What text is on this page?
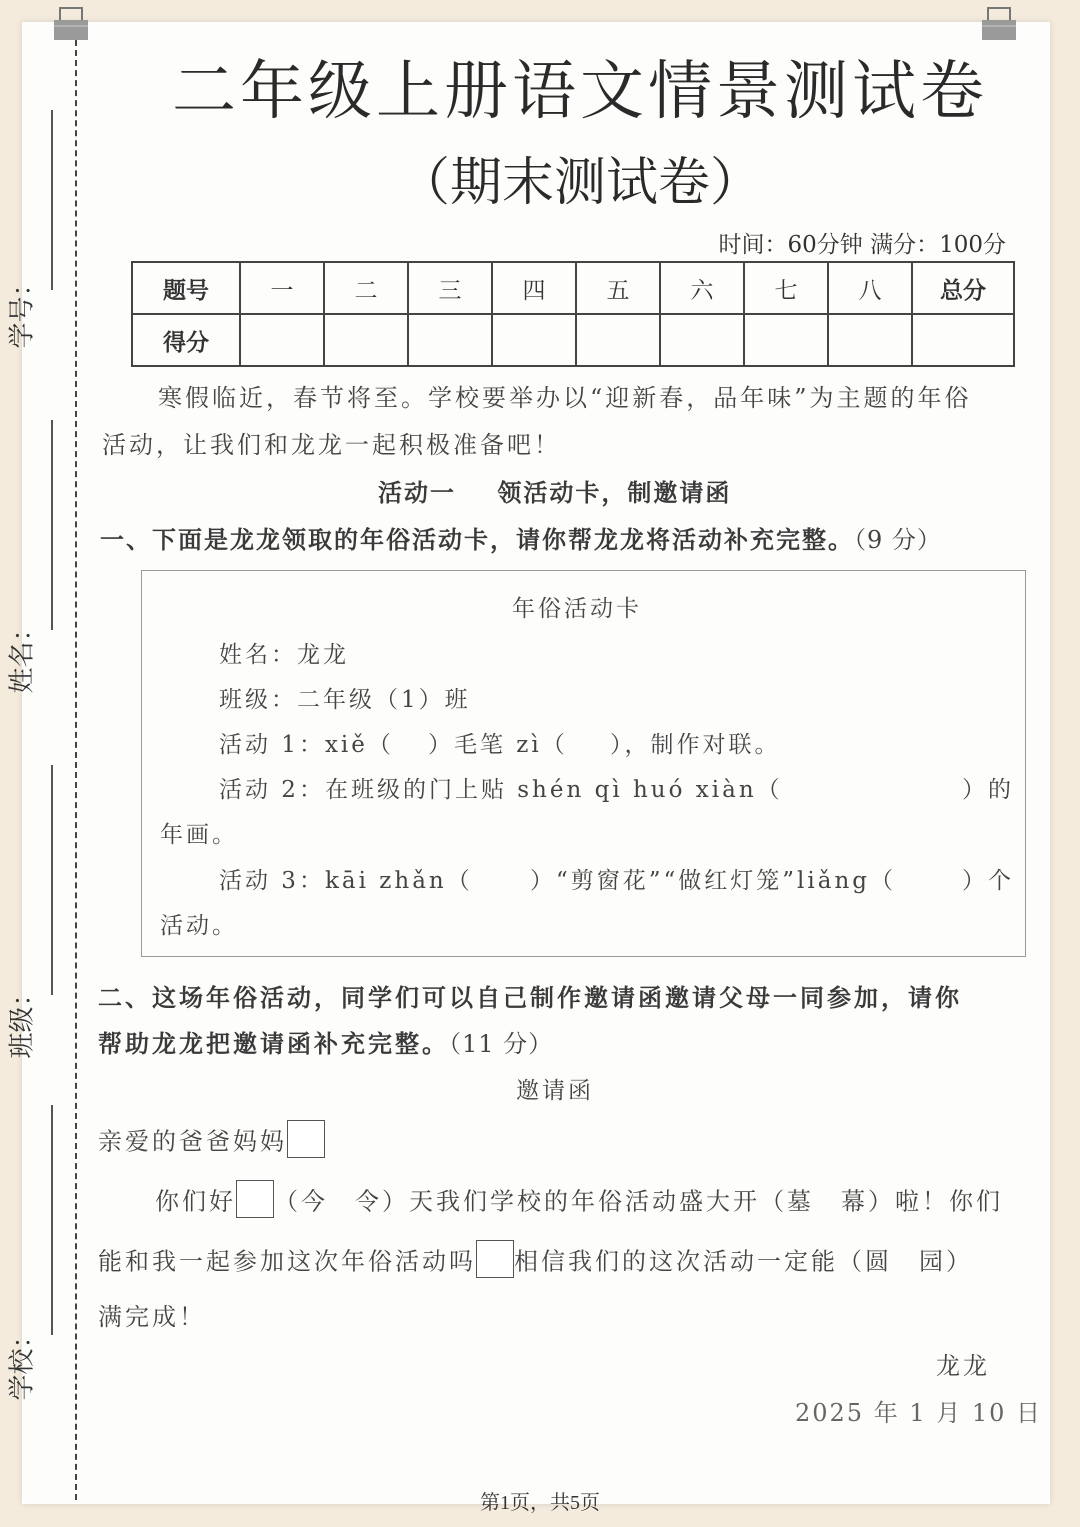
学号：
姓名：
班级：
学校：
二年级上册语文情景测试卷
（期末测试卷）
时间：60分钟 满分：100分
题号	一	二	三	四	五	六	七	八	总分
得分									
寒假临近，春节将至。学校要举办以“迎新春，品年味”为主题的年俗
活动，让我们和龙龙一起积极准备吧！
活动一    领活动卡，制邀请函
一、下面是龙龙领取的年俗活动卡，请你帮龙龙将活动补充完整。（9 分）
年俗活动卡
姓名：龙龙
班级：二年级（1）班
活动 1：xiě（ ）毛笔 zì（ ），制作对联。
活动 2：在班级的门上贴 shén qì huó xiàn（	）的
年画。
活动 3：kāi zhǎn（ ）“剪窗花”“做红灯笼”liǎng（	）个
活动。
二、这场年俗活动，同学们可以自己制作邀请函邀请父母一同参加，请你
帮助龙龙把邀请函补充完整。（11 分）
邀请函
亲爱的爸爸妈妈
你们好 （今　令）天我们学校的年俗活动盛大开（墓　幕）啦！你们
能和我一起参加这次年俗活动吗 相信我们的这次活动一定能（圆　园）
满完成！
龙龙
2025 年 1 月 10 日
第1页，共5页
